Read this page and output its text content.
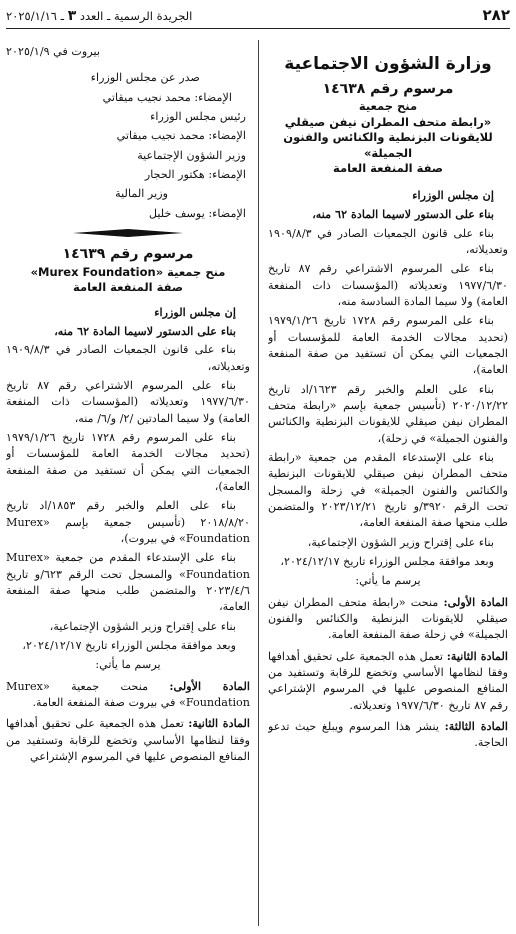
٢٨٢
الجريدة الرسمية ـ العدد ٣ ـ ٢٠٢٥/١/١٦
وزارة الشؤون الاجتماعية
مرسوم رقم ١٤٦٣٨
منح جمعية
«رابطة متحف المطران نيفن صيقلي
للايقونات البزنطية والكنائس والفنون الجميلة»
صفة المنفعة العامة

إن مجلس الوزراء

بناء على الدستور لاسيما المادة ٦٢ منه،

بناء على قانون الجمعيات الصادر في ١٩٠٩/٨/٣ وتعديلاته،

بناء على المرسوم الاشتراعي رقم ٨٧ تاريخ ١٩٧٧/٦/٣٠ وتعديلاته (المؤسسات ذات المنفعة العامة) ولا سيما المادة السادسة منه،

بناء على المرسوم رقم ١٧٢٨ تاريخ ١٩٧٩/١/٢٦ (تحديد مجالات الخدمة العامة للمؤسسات أو الجمعيات التي يمكن أن تستفيد من صفة المنفعة العامة)،

بناء على العلم والخبر رقم ١٦٢٣/اد تاريخ ٢٠٢٠/١٢/٢٢ (تأسيس جمعية بإسم «رابطة متحف المطران نيفن صيقلي للايقونات البزنطية والكنائس والفنون الجميلة» في زحلة)،

بناء على الإستدعاء المقدم من جمعية «رابطة متحف المطران نيفن صيقلي للايقونات البزنطية والكنائس والفنون الجميلة» في زحلة والمسجل تحت الرقم ٣٩٢٠/و تاريخ ٢٠٢٣/١٢/٢١ والمتضمن طلب منحها صفة المنفعة العامة،

بناء على إقتراح وزير الشؤون الإجتماعية،

وبعد موافقة مجلس الوزراء تاريخ ٢٠٢٤/١٢/١٧،

يرسم ما يأتي:

المادة الأولى: منحت «رابطة متحف المطران نيفن صيقلي للايقونات البزنطية والكنائس والفنون الجميلة» في زحلة صفة المنفعة العامة.

المادة الثانية: تعمل هذه الجمعية على تحقيق أهدافها وفقا لنظامها الأساسي وتخضع للرقابة وتستفيد من المنافع المنصوص عليها في المرسوم الإشتراعي رقم ٨٧ تاريخ ١٩٧٧/٦/٣٠ وتعديلاته.

المادة الثالثة: ينشر هذا المرسوم ويبلغ حيث تدعو الحاجة.

بيروت في ٢٠٢٥/١/٩

صدر عن مجلس الوزراء

الإمضاء: محمد نجيب ميقاتي

رئيس مجلس الوزراء

الإمضاء: محمد نجيب ميقاتي

وزير الشؤون الإجتماعية

الإمضاء: هكتور الحجار

وزير المالية

الإمضاء: يوسف خليل

مرسوم رقم ١٤٦٣٩
منح جمعية «Murex Foundation»
صفة المنفعة العامة

إن مجلس الوزراء

بناء على الدستور لاسيما المادة ٦٢ منه،

بناء على قانون الجمعيات الصادر في ١٩٠٩/٨/٣ وتعديلاته،

بناء على المرسوم الاشتراعي رقم ٨٧ تاريخ ١٩٧٧/٦/٣٠ وتعديلاته (المؤسسات ذات المنفعة العامة) ولا سيما المادتين /٢/ و/٦/ منه،

بناء على المرسوم رقم ١٧٢٨ تاريخ ١٩٧٩/١/٢٦ (تحديد مجالات الخدمة العامة للمؤسسات أو الجمعيات التي يمكن أن تستفيد من صفة المنفعة العامة)،

بناء على العلم والخبر رقم ١٨٥٣/اد تاريخ ٢٠١٨/٨/٢٠ (تأسيس جمعية بإسم «Murex Foundation» في بيروت)،

بناء على الإستدعاء المقدم من جمعية «Murex Foundation» والمسجل تحت الرقم ٦٢٣/و تاريخ ٢٠٢٣/٤/٦ والمتضمن طلب منحها صفة المنفعة العامة،

بناء على إقتراح وزير الشؤون الإجتماعية،

وبعد موافقة مجلس الوزراء تاريخ ٢٠٢٤/١٢/١٧،

يرسم ما يأتي:

المادة الأولى: منحت جمعية «Murex Foundation» في بيروت صفة المنفعة العامة.

المادة الثانية: تعمل هذه الجمعية على تحقيق أهدافها وفقا لنظامها الأساسي وتخضع للرقابة وتستفيد من المنافع المنصوص عليها في المرسوم الإشتراعي
